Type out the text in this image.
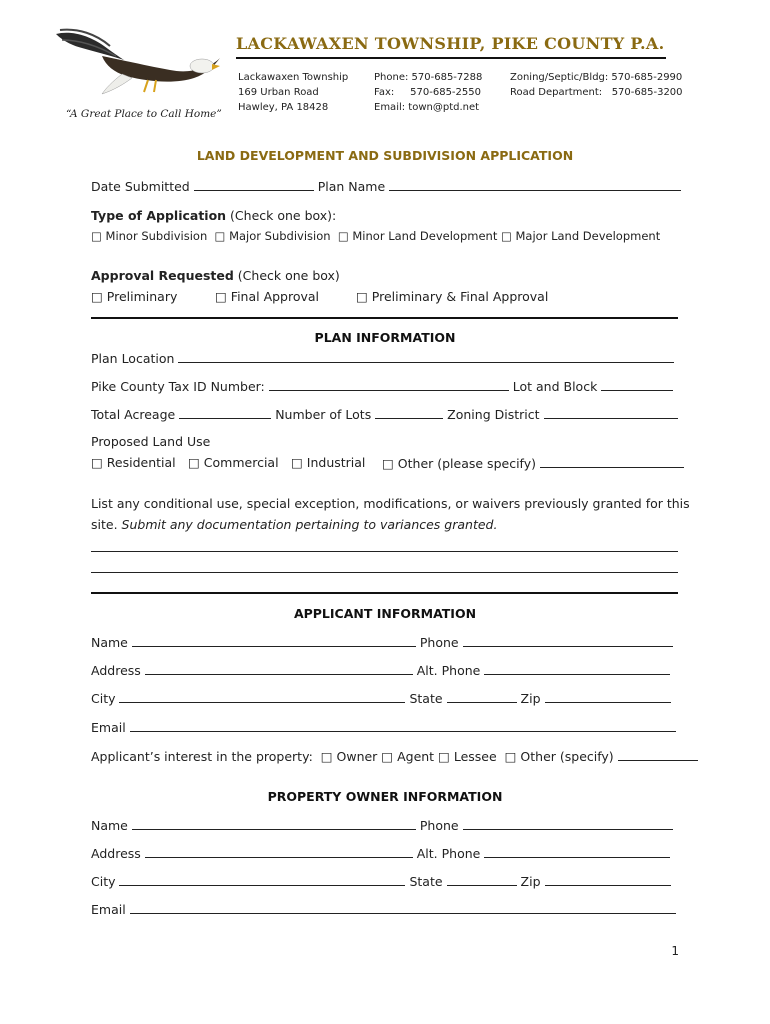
“A Great Place to Call Home”
LACKAWAXEN TOWNSHIP, PIKE COUNTY P.A.
Lackawaxen Township
169 Urban Road
Hawley, PA 18428
Phone: 570-685-7288
Fax:     570-685-2550
Email: town@ptd.net
Zoning/Septic/Bldg: 570-685-2990
Road Department:   570-685-3200
LAND DEVELOPMENT AND SUBDIVISION APPLICATION
Date Submitted	Plan Name
Type of Application (Check one box):
□ Minor Subdivision  □ Major Subdivision  □ Minor Land Development □ Major Land Development
Approval Requested (Check one box)
□ Preliminary	□ Final Approval	□ Preliminary & Final Approval
PLAN INFORMATION
Plan Location
Pike County Tax ID Number:	Lot and Block
Total Acreage	Number of Lots	Zoning District
Proposed Land Use
□ Residential □ Commercial □ Industrial □ Other (please specify)
List any conditional use, special exception, modifications, or waivers previously granted for this
site. Submit any documentation pertaining to variances granted.
APPLICANT INFORMATION
Name	Phone
Address	Alt. Phone
City	State	Zip
Email
Applicant’s interest in the property:  □ Owner □ Agent □ Lessee  □ Other (specify)
PROPERTY OWNER INFORMATION
Name	Phone
Address	Alt. Phone
City	State	Zip
Email
1
